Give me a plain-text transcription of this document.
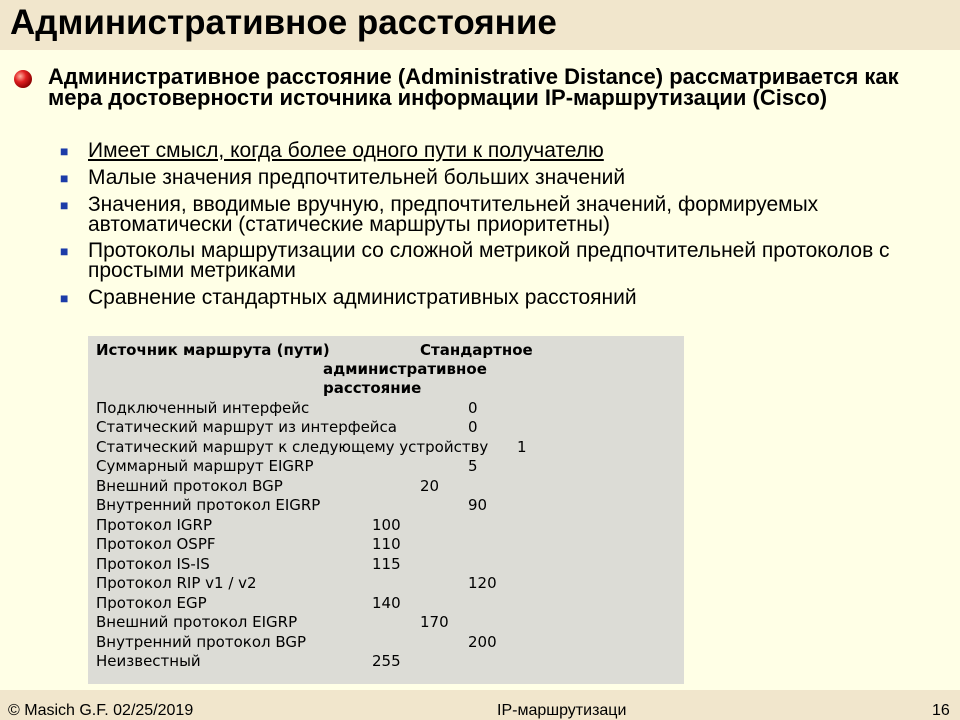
Административное расстояние
Административное расстояние (Administrative Distance) рассматривается как мера достоверности источника информации IP-маршрутизации (Cisco)
■ Имеет смысл, когда более одного пути к получателю
■ Малые значения предпочтительней больших значений
■ Значения, вводимые вручную, предпочтительней значений, формируемых автоматически (статические маршруты приоритетны)
■ Протоколы маршрутизации со сложной метрикой предпочтительней протоколов с простыми метриками
■ Сравнение стандартных административных расстояний
Источник маршрута (пути)	Стандартное
административное
расстояние
Подключенный интерфейс	0
Статический маршрут из интерфейса	0
Статический маршрут к следующему устройству 1
Суммарный маршрут EIGRP	5
Внешний протокол BGP	20
Внутренний протокол EIGRP	90
Протокол IGRP	100
Протокол OSPF	110
Протокол IS-IS	115
Протокол RIP v1 / v2	120
Протокол EGP	140
Внешний протокол EIGRP	170
Внутренний протокол BGP	200
Неизвестный	255
© Masich G.F. 02/25/2019	IP-маршрутизаци	16
